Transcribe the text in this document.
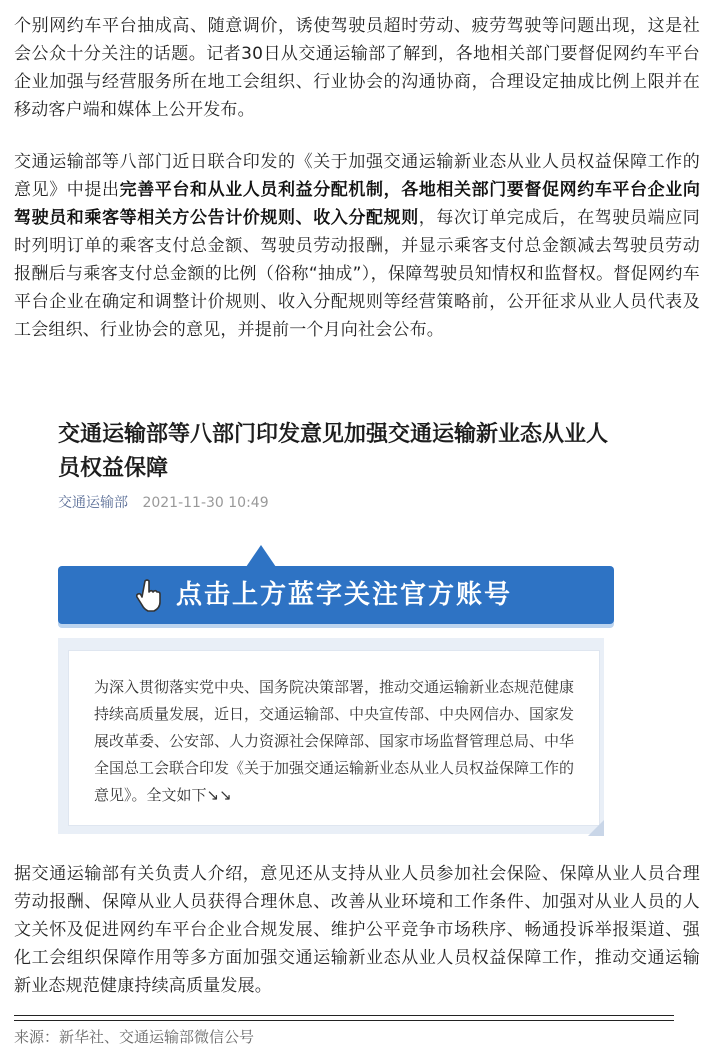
个别网约车平台抽成高、随意调价，诱使驾驶员超时劳动、疲劳驾驶等问题出现，这是社会公众十分关注的话题。记者30日从交通运输部了解到，各地相关部门要督促网约车平台企业加强与经营服务所在地工会组织、行业协会的沟通协商，合理设定抽成比例上限并在移动客户端和媒体上公开发布。
交通运输部等八部门近日联合印发的《关于加强交通运输新业态从业人员权益保障工作的意见》中提出完善平台和从业人员利益分配机制，各地相关部门要督促网约车平台企业向驾驶员和乘客等相关方公告计价规则、收入分配规则，每次订单完成后，在驾驶员端应同时列明订单的乘客支付总金额、驾驶员劳动报酬，并显示乘客支付总金额减去驾驶员劳动报酬后与乘客支付总金额的比例（俗称“抽成”），保障驾驶员知情权和监督权。督促网约车平台企业在确定和调整计价规则、收入分配规则等经营策略前，公开征求从业人员代表及工会组织、行业协会的意见，并提前一个月向社会公布。
交通运输部等八部门印发意见加强交通运输新业态从业人员权益保障
交通运输部 2021-11-30 10:49
点击上方蓝字关注官方账号
为深入贯彻落实党中央、国务院决策部署，推动交通运输新业态规范健康持续高质量发展，近日，交通运输部、中央宣传部、中央网信办、国家发展改革委、公安部、人力资源社会保障部、国家市场监督管理总局、中华全国总工会联合印发《关于加强交通运输新业态从业人员权益保障工作的意见》。全文如下↘↘
据交通运输部有关负责人介绍，意见还从支持从业人员参加社会保险、保障从业人员合理劳动报酬、保障从业人员获得合理休息、改善从业环境和工作条件、加强对从业人员的人文关怀及促进网约车平台企业合规发展、维护公平竞争市场秩序、畅通投诉举报渠道、强化工会组织保障作用等多方面加强交通运输新业态从业人员权益保障工作，推动交通运输新业态规范健康持续高质量发展。
来源：新华社、交通运输部微信公号
